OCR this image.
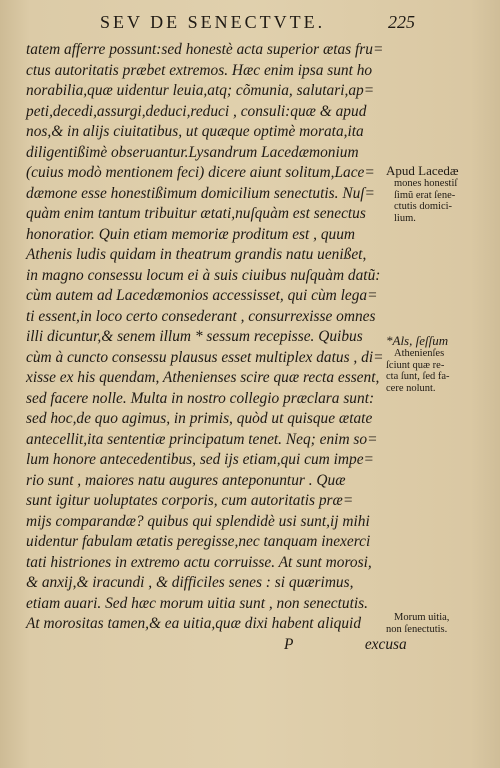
SEV DE SENECTVTE.	225
tatem afferre possunt:sed honestè acta superior ætas fru=
ctus autoritatis præbet extremos. Hæc enim ipsa sunt ho
norabilia,quæ uidentur leuia,atq; cõmunia, salutari,ap=
peti,decedi,assurgi,deduci,reduci , consuli:quæ & apud
nos,& in alijs ciuitatibus, ut quæque optimè morata,ita
diligentißimè obseruantur.Lysandrum Lacedæmonium
(cuius modò mentionem feci) dicere aiunt solitum,Lace=
dæmone esse honestißimum domicilium senectutis. Nuſ=
quàm enim tantum tribuitur ætati,nuſquàm est senectus
honoratior. Quin etiam memoriæ proditum est , quum
Athenis ludis quidam in theatrum grandis natu uenißet,
in magno consessu locum ei à suis ciuibus nuſquàm datũ:
cùm autem ad Lacedæmonios accessisset, qui cùm lega=
ti essent,in loco certo consederant , consurrexisse omnes
illi dicuntur,& senem illum * sessum recepisse. Quibus
cùm à cuncto consessu plausus esset multiplex datus , di=
xisse ex his quendam, Athenienses scire quæ recta essent,
sed facere nolle. Multa in nostro collegio præclara sunt:
sed hoc,de quo agimus, in primis, quòd ut quisque ætate
antecellit,ita sententiæ principatum tenet. Neq; enim so=
lum honore antecedentibus, sed ijs etiam,qui cum impe=
rio sunt , maiores natu augures anteponuntur . Quæ
sunt igitur uoluptates corporis, cum autoritatis præ=
mijs comparandæ? quibus qui splendidè usi sunt,ij mihi
uidentur fabulam ætatis peregisse,nec tanquam inexerci
tati histriones in extremo actu corruisse. At sunt morosi,
& anxij,& iracundi , & difficiles senes : si quærimus,
etiam auari. Sed hæc morum uitia sunt , non senectutis.
At morositas tamen,& ea uitia,quæ dixi habent aliquid
P	excusa
Apud Lacedæ
mones honestiſ
ſimũ erat ſene-
ctutis domici-
lium.
*Als, ſeſſum
Athenienſes
ſciunt quæ re-
cta ſunt, ſed fa-
cere nolunt.
Morum uitia,
non ſenectutis.
